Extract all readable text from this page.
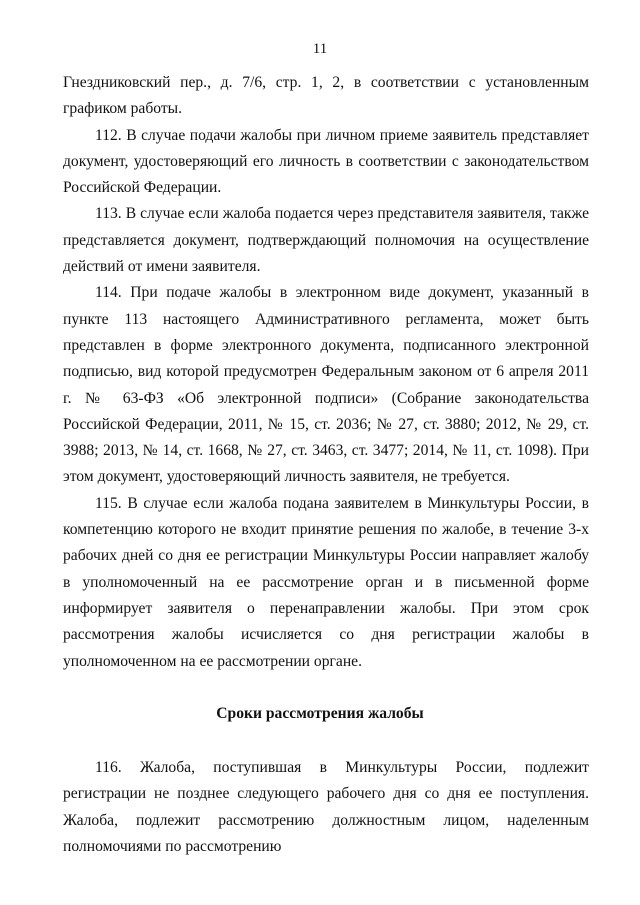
11

Гнездниковский пер., д. 7/6, стр. 1, 2, в соответствии с установленным графиком работы.

112. В случае подачи жалобы при личном приеме заявитель представляет документ, удостоверяющий его личность в соответствии с законодательством Российской Федерации.

113. В случае если жалоба подается через представителя заявителя, также представляется документ, подтверждающий полномочия на осуществление действий от имени заявителя.

114. При подаче жалобы в электронном виде документ, указанный в пункте 113 настоящего Административного регламента, может быть представлен в форме электронного документа, подписанного электронной подписью, вид которой предусмотрен Федеральным законом от 6 апреля 2011 г. № 63-ФЗ «Об электронной подписи» (Собрание законодательства Российской Федерации, 2011, № 15, ст. 2036; № 27, ст. 3880; 2012, № 29, ст. 3988; 2013, № 14, ст. 1668, № 27, ст. 3463, ст. 3477; 2014, № 11, ст. 1098). При этом документ, удостоверяющий личность заявителя, не требуется.

115. В случае если жалоба подана заявителем в Минкультуры России, в компетенцию которого не входит принятие решения по жалобе, в течение 3-х рабочих дней со дня ее регистрации Минкультуры России направляет жалобу в уполномоченный на ее рассмотрение орган и в письменной форме информирует заявителя о перенаправлении жалобы. При этом срок рассмотрения жалобы исчисляется со дня регистрации жалобы в уполномоченном на ее рассмотрении органе.

Сроки рассмотрения жалобы

116. Жалоба, поступившая в Минкультуры России, подлежит регистрации не позднее следующего рабочего дня со дня ее поступления. Жалоба, подлежит рассмотрению должностным лицом, наделенным полномочиями по рассмотрению
